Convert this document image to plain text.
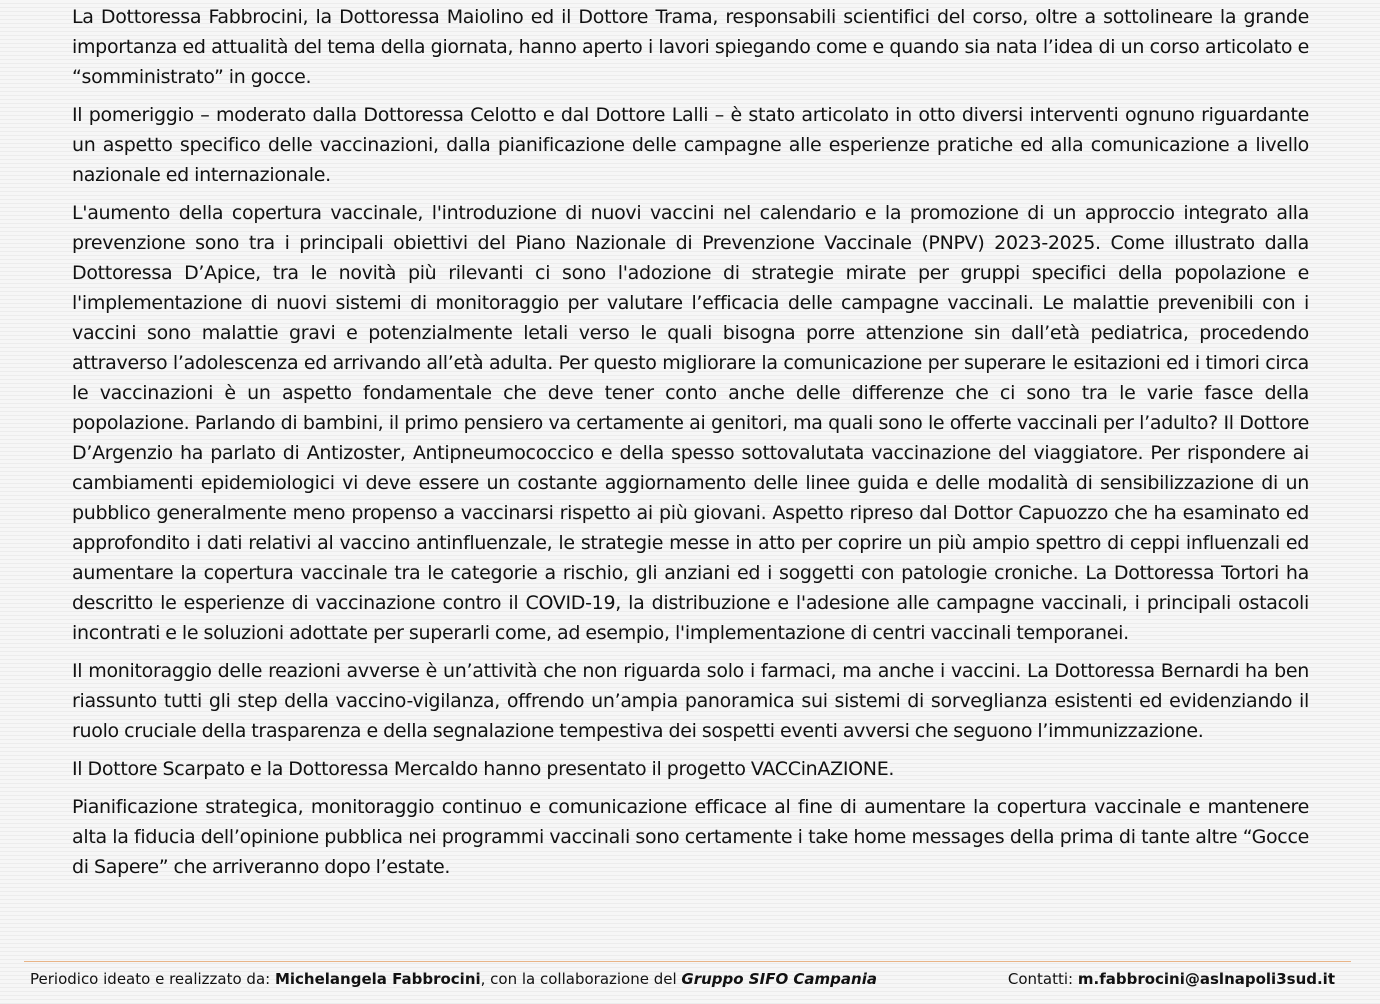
La Dottoressa Fabbrocini, la Dottoressa Maiolino ed il Dottore Trama, responsabili scientifici del corso, oltre a sottolineare la grande importanza ed attualità del tema della giornata, hanno aperto i lavori spiegando come e quando sia nata l’idea di un corso articolato e “somministrato” in gocce.

Il pomeriggio – moderato dalla Dottoressa Celotto e dal Dottore Lalli – è stato articolato in otto diversi interventi ognuno riguardante un aspetto specifico delle vaccinazioni, dalla pianificazione delle campagne alle esperienze pratiche ed alla comunicazione a livello nazionale ed internazionale.

L'aumento della copertura vaccinale, l'introduzione di nuovi vaccini nel calendario e la promozione di un approccio integrato alla prevenzione sono tra i principali obiettivi del Piano Nazionale di Prevenzione Vaccinale (PNPV) 2023-2025. Come illustrato dalla Dottoressa D’Apice, tra le novità più rilevanti ci sono l'adozione di strategie mirate per gruppi specifici della popolazione e l'implementazione di nuovi sistemi di monitoraggio per valutare l’efficacia delle campagne vaccinali. Le malattie prevenibili con i vaccini sono malattie gravi e potenzialmente letali verso le quali bisogna porre attenzione sin dall’età pediatrica, procedendo attraverso l’adolescenza ed arrivando all’età adulta. Per questo migliorare la comunicazione per superare le esitazioni ed i timori circa le vaccinazioni è un aspetto fondamentale che deve tener conto anche delle differenze che ci sono tra le varie fasce della popolazione. Parlando di bambini, il primo pensiero va certamente ai genitori, ma quali sono le offerte vaccinali per l’adulto? Il Dottore D’Argenzio ha parlato di Antizoster, Antipneumococcico e della spesso sottovalutata vaccinazione del viaggiatore. Per rispondere ai cambiamenti epidemiologici vi deve essere un costante aggiornamento delle linee guida e delle modalità di sensibilizzazione di un pubblico generalmente meno propenso a vaccinarsi rispetto ai più giovani. Aspetto ripreso dal Dottor Capuozzo che ha esaminato ed approfondito i dati relativi al vaccino antinfluenzale, le strategie messe in atto per coprire un più ampio spettro di ceppi influenzali ed aumentare la copertura vaccinale tra le categorie a rischio, gli anziani ed i soggetti con patologie croniche. La Dottoressa Tortori ha descritto le esperienze di vaccinazione contro il COVID-19, la distribuzione e l'adesione alle campagne vaccinali, i principali ostacoli incontrati e le soluzioni adottate per superarli come, ad esempio, l'implementazione di centri vaccinali temporanei.

Il monitoraggio delle reazioni avverse è un’attività che non riguarda solo i farmaci, ma anche i vaccini. La Dottoressa Bernardi ha ben riassunto tutti gli step della vaccino-vigilanza, offrendo un’ampia panoramica sui sistemi di sorveglianza esistenti ed evidenziando il ruolo cruciale della trasparenza e della segnalazione tempestiva dei sospetti eventi avversi che seguono l’immunizzazione.

Il Dottore Scarpato e la Dottoressa Mercaldo hanno presentato il progetto VACCinAZIONE.

Pianificazione strategica, monitoraggio continuo e comunicazione efficace al fine di aumentare la copertura vaccinale e mantenere alta la fiducia dell’opinione pubblica nei programmi vaccinali sono certamente i take home messages della prima di tante altre “Gocce di Sapere” che arriveranno dopo l’estate.

Periodico ideato e realizzato da: Michelangela Fabbrocini, con la collaborazione del Gruppo SIFO Campania	Contatti: m.fabbrocini@aslnapoli3sud.it
